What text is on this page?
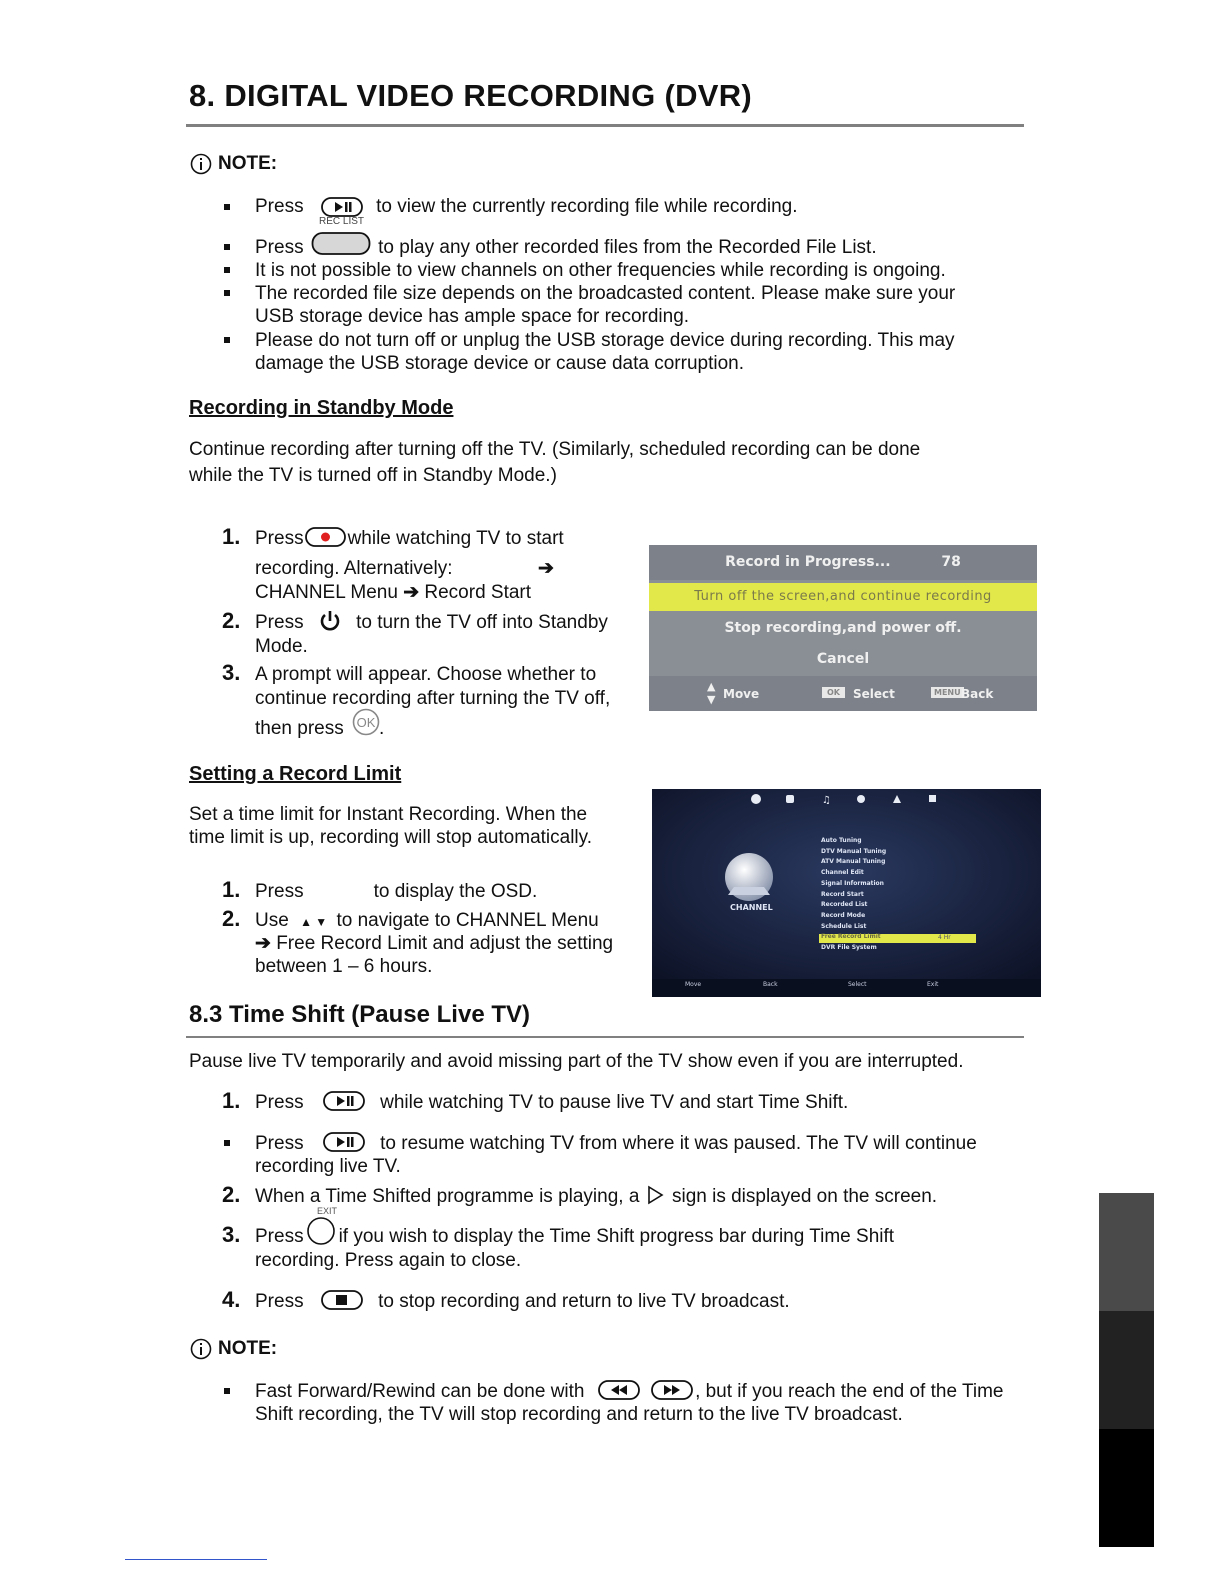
8. DIGITAL VIDEO RECORDING (DVR)
NOTE:
Press	to view the currently recording file while recording.
REC LIST
Press	to play any other recorded files from the Recorded File List.
It is not possible to view channels on other frequencies while recording is ongoing.
The recorded file size depends on the broadcasted content. Please make sure your
USB storage device has ample space for recording.
Please do not turn off or unplug the USB storage device during recording. This may
damage the USB storage device or cause data corruption.
Recording in Standby Mode
Continue recording after turning off the TV. (Similarly, scheduled recording can be done
while the TV is turned off in Standby Mode.)
1. Press while watching TV to start
recording. Alternatively:	➔
CHANNEL Menu ➔ Record Start
2. Press	to turn the TV off into Standby
Mode.
3. A prompt will appear. Choose whether to
continue recording after turning the TV off,
then press OK .
Record in Progress...	78
Turn off the screen,and continue recording
Stop recording,and power off.
Cancel
▲
▼ Move	OK	Select	MENU Back
Setting a Record Limit
Set a time limit for Instant Recording. When the
time limit is up, recording will stop automatically.
1. Press	to display the OSD.
2. Use ▲ ▼ to navigate to CHANNEL Menu
➔ Free Record Limit and adjust the setting
between 1 – 6 hours.
♫
CHANNEL
Auto Tuning
DTV Manual Tuning
ATV Manual Tuning
Channel Edit
Signal Information
Record Start
Recorded List
Record Mode
Schedule List
Free Record Limit
DVR File System
4 Hr
Move	Back	Select	Exit
8.3 Time Shift (Pause Live TV)
Pause live TV temporarily and avoid missing part of the TV show even if you are interrupted.
1. Press	while watching TV to pause live TV and start Time Shift.
Press	to resume watching TV from where it was paused. The TV will continue
recording live TV.
2. When a Time Shifted programme is playing, a sign is displayed on the screen.
EXIT
3. Press if you wish to display the Time Shift progress bar during Time Shift
recording. Press again to close.
4. Press	to stop recording and return to live TV broadcast.
NOTE:
Fast Forward/Rewind can be done with	, but if you reach the end of the Time
Shift recording, the TV will stop recording and return to the live TV broadcast.
